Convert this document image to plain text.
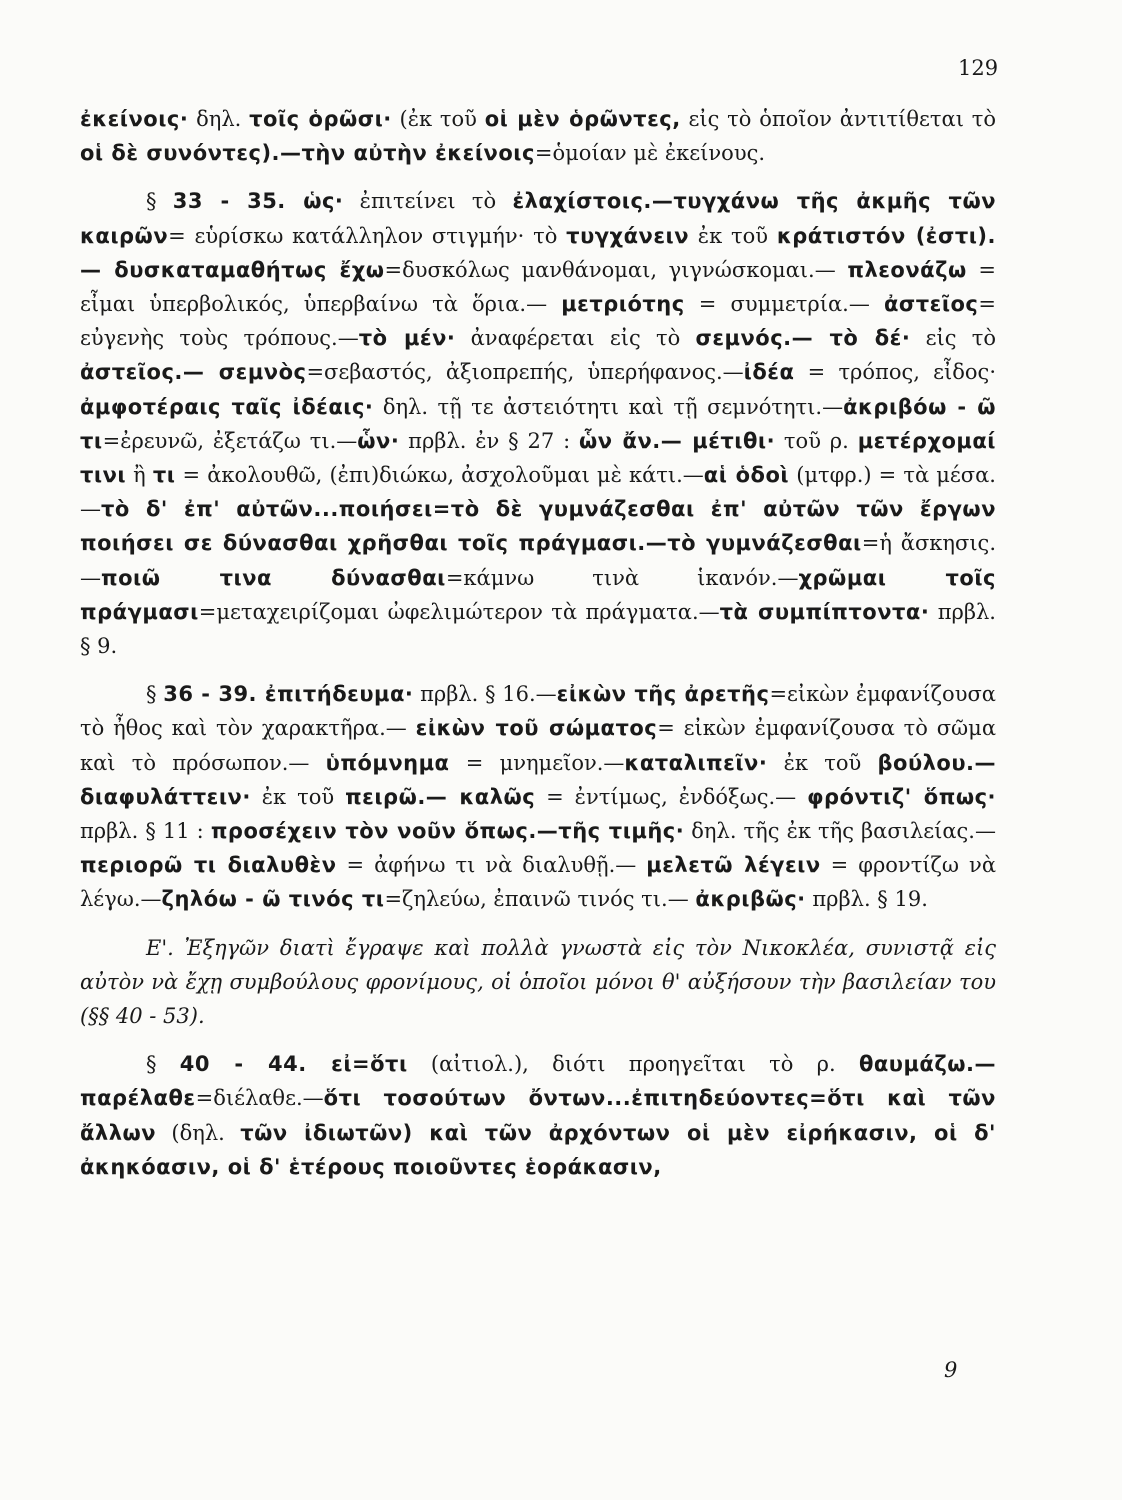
129

ἐκείνοις· δηλ. τοῖς ὁρῶσι· (ἐκ τοῦ οἱ μὲν ὁρῶντες, εἰς τὸ ὁποῖον ἀντιτίθεται τὸ οἱ δὲ συνόντες).—τὴν αὐτὴν ἐκείνοις=ὁμοίαν μὲ ἐκείνους.

§ 33 - 35. ὡς· ἐπιτείνει τὸ ἐλαχίστοις.—τυγχάνω τῆς ἀκμῆς τῶν καιρῶν= εὑρίσκω κατάλληλον στιγμήν· τὸ τυγχάνειν ἐκ τοῦ κράτιστόν (ἐστι).— δυσκαταμαθήτως ἔχω=δυσκόλως μανθάνομαι, γιγνώσκομαι.— πλεονάζω = εἶμαι ὑπερβολικός, ὑπερβαίνω τὰ ὅρια.— μετριότης = συμμετρία.— ἀστεῖος= εὐγενὴς τοὺς τρόπους.—τὸ μέν· ἀναφέρεται εἰς τὸ σεμνός.— τὸ δέ· εἰς τὸ ἀστεῖος.— σεμνὸς=σεβαστός, ἀξιοπρεπής, ὑπερήφανος.—ἰδέα = τρόπος, εἶδος· ἀμφοτέραις ταῖς ἰδέαις· δηλ. τῇ τε ἀστειότητι καὶ τῇ σεμνότητι.—ἀκριβόω - ῶ τι=ἐρευνῶ, ἐξετάζω τι.—ὧν· πρβλ. ἐν § 27 : ὧν ἄν.— μέτιθι· τοῦ ρ. μετέρχομαί τινι ἢ τι = ἀκολουθῶ, (ἐπι)διώκω, ἀσχολοῦμαι μὲ κάτι.—αἱ ὁδοὶ (μτφρ.) = τὰ μέσα.—τὸ δ' ἐπ' αὐτῶν...ποιήσει=τὸ δὲ γυμνάζεσθαι ἐπ' αὐτῶν τῶν ἔργων ποιήσει σε δύνασθαι χρῆσθαι τοῖς πράγμασι.—τὸ γυμνάζεσθαι=ἡ ἄσκησις.—ποιῶ τινα δύνασθαι=κάμνω τινὰ ἱκανόν.—χρῶμαι τοῖς πράγμασι=μεταχειρίζομαι ὠφελιμώτερον τὰ πράγματα.—τὰ συμπίπτοντα· πρβλ. § 9.

§ 36 - 39. ἐπιτήδευμα· πρβλ. § 16.—εἰκὼν τῆς ἀρετῆς=εἰκὼν ἐμφανίζουσα τὸ ἦθος καὶ τὸν χαρακτῆρα.— εἰκὼν τοῦ σώματος= εἰκὼν ἐμφανίζουσα τὸ σῶμα καὶ τὸ πρόσωπον.— ὑπόμνημα = μνημεῖον.—καταλιπεῖν· ἐκ τοῦ βούλου.—διαφυλάττειν· ἐκ τοῦ πειρῶ.— καλῶς = ἐντίμως, ἐνδόξως.— φρόντιζ' ὅπως· πρβλ. § 11 : προσέχειν τὸν νοῦν ὅπως.—τῆς τιμῆς· δηλ. τῆς ἐκ τῆς βασιλείας.— περιορῶ τι διαλυθὲν = ἀφήνω τι νὰ διαλυθῇ.— μελετῶ λέγειν = φροντίζω νὰ λέγω.—ζηλόω - ῶ τινός τι=ζηλεύω, ἐπαινῶ τινός τι.— ἀκριβῶς· πρβλ. § 19.

Ε'. Ἐξηγῶν διατὶ ἔγραψε καὶ πολλὰ γνωστὰ εἰς τὸν Νικοκλέα, συνιστᾷ εἰς αὐτὸν νὰ ἔχῃ συμβούλους φρονίμους, οἱ ὁποῖοι μόνοι θ' αὐξήσουν τὴν βασιλείαν του (§§ 40 - 53).

§ 40 - 44. εἰ=ὅτι (αἰτιολ.), διότι προηγεῖται τὸ ρ. θαυμάζω.— παρέλαθε=διέλαθε.—ὅτι τοσούτων ὄντων...ἐπιτηδεύοντες=ὅτι καὶ τῶν ἄλλων (δηλ. τῶν ἰδιωτῶν) καὶ τῶν ἀρχόντων οἱ μὲν εἰρήκασιν, οἱ δ' ἀκηκόασιν, οἱ δ' ἑτέρους ποιοῦντες ἑοράκασιν,

9
